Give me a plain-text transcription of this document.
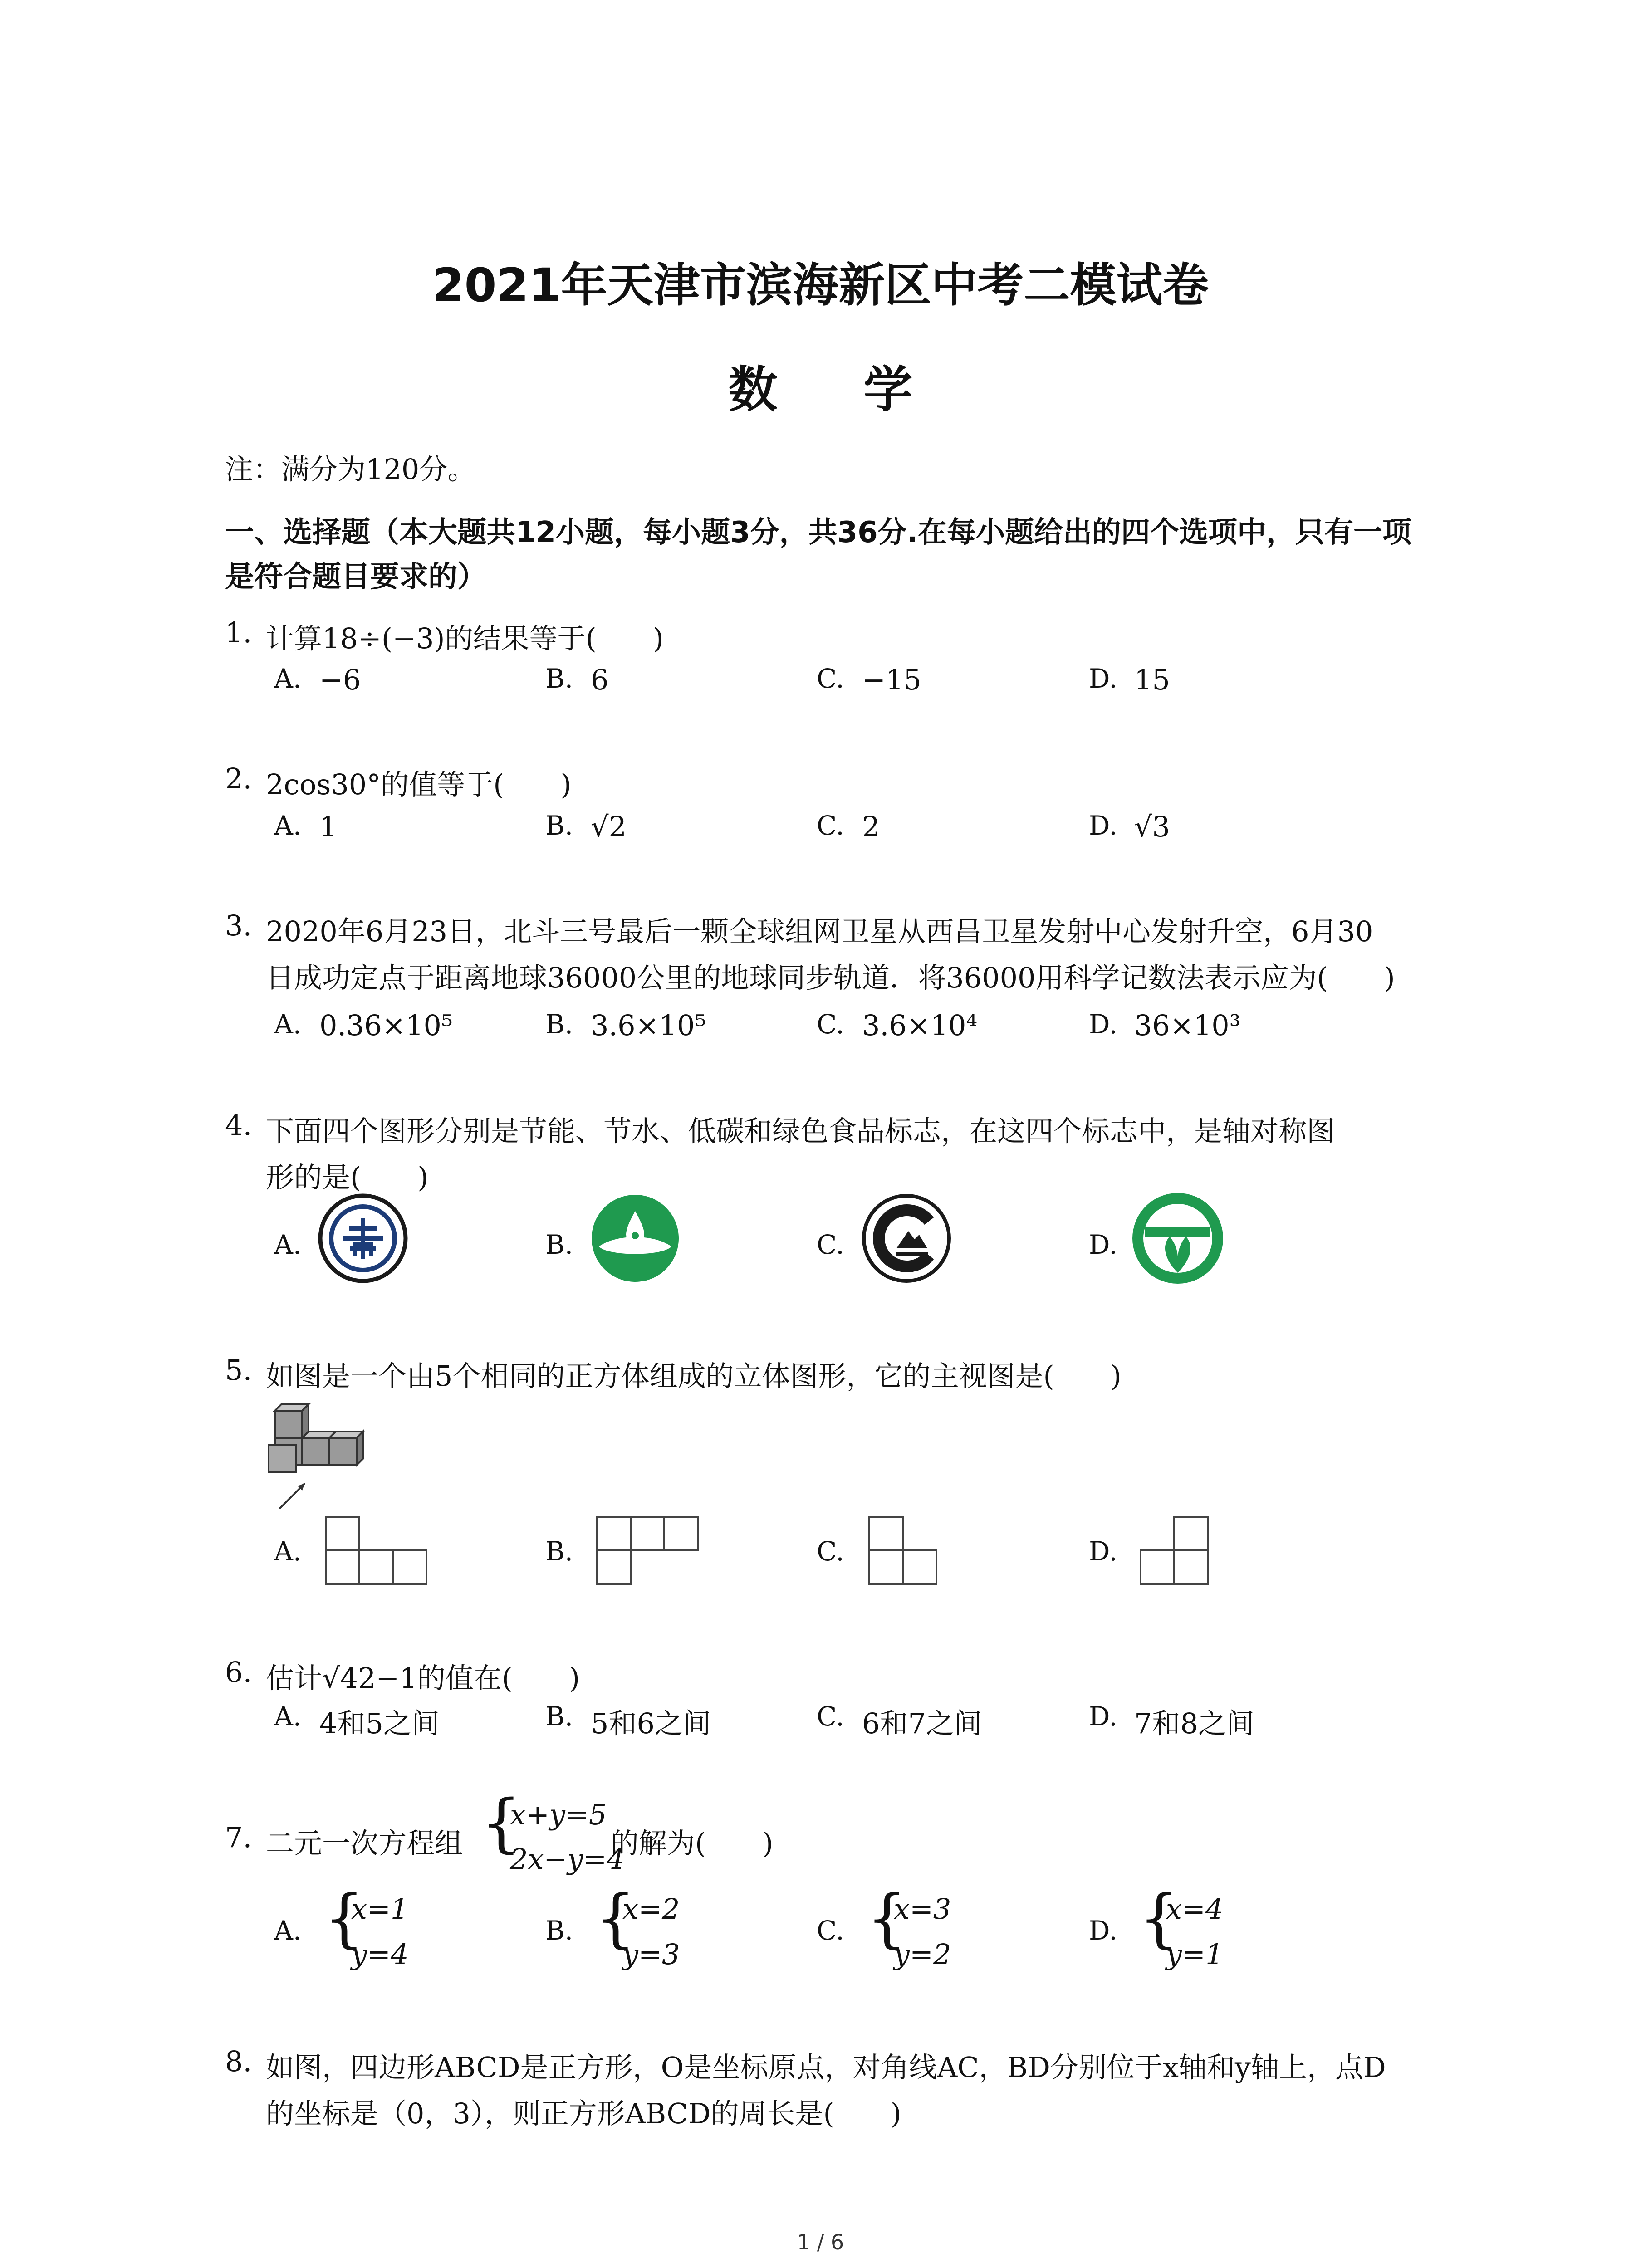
2021年天津市滨海新区中考二模试卷
数学
注：满分为120分。
一、选择题（本大题共12小题，每小题3分，共36分.在每小题给出的四个选项中，只有一项
是符合题目要求的）
1. 计算18÷(−3)的结果等于(　　)
A. −6	B. 6	C. −15	D. 15
2. 2cos30°的值等于(　　)
A. 1	B. √2	C. 2	D. √3
3. 2020年6月23日，北斗三号最后一颗全球组网卫星从西昌卫星发射中心发射升空，6月30
日成功定点于距离地球36000公里的地球同步轨道．将36000用科学记数法表示应为(　　)
A. 0.36×10⁵	B. 3.6×10⁵	C. 3.6×10⁴	D. 36×10³
4. 下面四个图形分别是节能、节水、低碳和绿色食品标志，在这四个标志中，是轴对称图
形的是(　　)
A.	B.	C.	D.
5. 如图是一个由5个相同的正方体组成的立体图形，它的主视图是(　　)
A.	B.	C.	D.
6. 估计√42−1的值在(　　)
A. 4和5之间	B. 5和6之间	C. 6和7之间	D. 7和8之间
7. 二元一次方程组 {
x+y=5
2x−y=4
的解为(　　)
A. {
x=1
y=4
B. {
x=2
y=3
C. {
x=3
y=2
D. {
x=4
y=1
8. 如图，四边形ABCD是正方形，O是坐标原点，对角线AC，BD分别位于x轴和y轴上，点D
的坐标是（0，3），则正方形ABCD的周长是(　　)
1 / 6
